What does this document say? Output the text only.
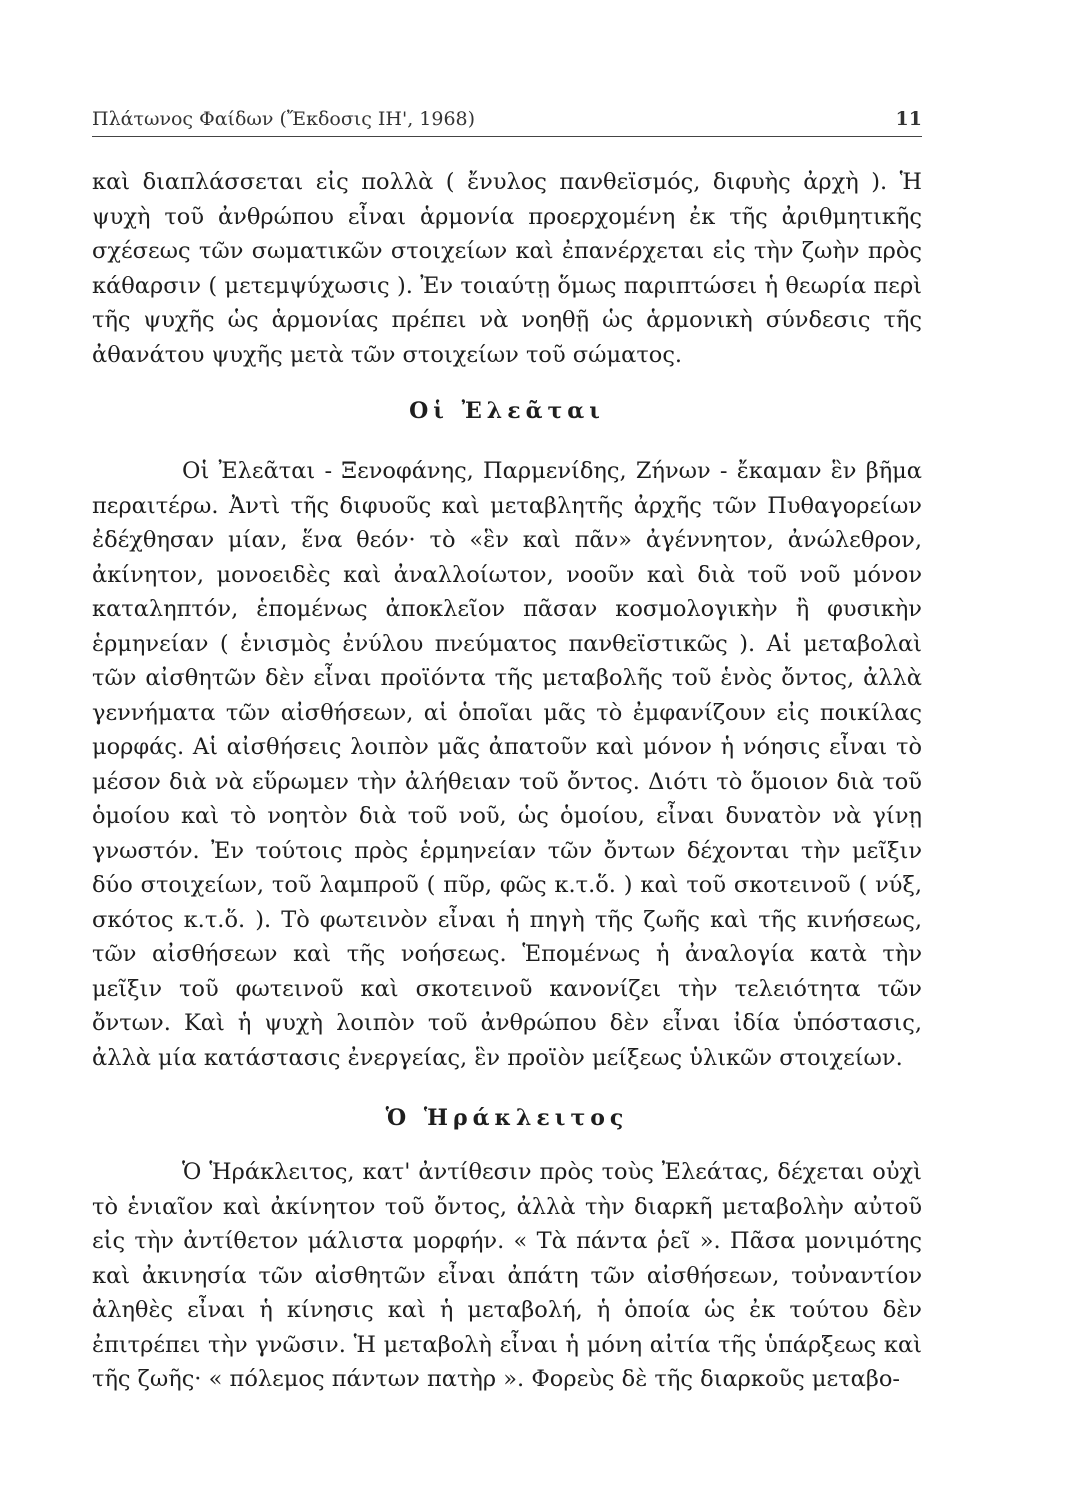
Πλάτωνος Φαίδων (Ἔκδοσις ΙΗ', 1968)	11

καὶ διαπλάσσεται εἰς πολλὰ ( ἔνυλος πανθεϊσμός, διφυὴς ἀρχὴ ). Ἡ ψυχὴ τοῦ ἀνθρώπου εἶναι ἁρμονία προερχομένη ἐκ τῆς ἀριθμητικῆς σχέσεως τῶν σωματικῶν στοιχείων καὶ ἐπανέρχεται εἰς τὴν ζωὴν πρὸς κάθαρσιν ( μετεμψύχωσις ). Ἐν τοιαύτῃ ὅμως παριπτώσει ἡ θεωρία περὶ τῆς ψυχῆς ὡς ἁρμονίας πρέπει νὰ νοηθῇ ὡς ἁρμονικὴ σύνδεσις τῆς ἀθανάτου ψυχῆς μετὰ τῶν στοιχείων τοῦ σώματος.

Οἱ Ἐλεᾶται

Οἱ Ἐλεᾶται - Ξενοφάνης, Παρμενίδης, Ζήνων - ἔκαμαν ἓν βῆμα περαιτέρω. Ἀντὶ τῆς διφυοῦς καὶ μεταβλητῆς ἀρχῆς τῶν Πυθαγορείων ἐδέχθησαν μίαν, ἕνα θεόν· τὸ «ἓν καὶ πᾶν» ἀγέννητον, ἀνώλεθρον, ἀκίνητον, μονοειδὲς καὶ ἀναλλοίωτον, νοοῦν καὶ διὰ τοῦ νοῦ μόνον καταληπτόν, ἑπομένως ἀποκλεῖον πᾶσαν κοσμολογικὴν ἢ φυσικὴν ἑρμηνείαν ( ἑνισμὸς ἐνύλου πνεύματος πανθεϊστικῶς ). Αἱ μεταβολαὶ τῶν αἰσθητῶν δὲν εἶναι προϊόντα τῆς μεταβολῆς τοῦ ἑνὸς ὄντος, ἀλλὰ γεννήματα τῶν αἰσθήσεων, αἱ ὁποῖαι μᾶς τὸ ἐμφανίζουν εἰς ποικίλας μορφάς. Αἱ αἰσθήσεις λοιπὸν μᾶς ἀπατοῦν καὶ μόνον ἡ νόησις εἶναι τὸ μέσον διὰ νὰ εὕρωμεν τὴν ἀλήθειαν τοῦ ὄντος. Διότι τὸ ὅμοιον διὰ τοῦ ὁμοίου καὶ τὸ νοητὸν διὰ τοῦ νοῦ, ὡς ὁμοίου, εἶναι δυνατὸν νὰ γίνῃ γνωστόν. Ἐν τούτοις πρὸς ἑρμηνείαν τῶν ὄντων δέχονται τὴν μεῖξιν δύο στοιχείων, τοῦ λαμπροῦ ( πῦρ, φῶς κ.τ.ὅ. ) καὶ τοῦ σκοτεινοῦ ( νύξ, σκότος κ.τ.ὅ. ). Τὸ φωτεινὸν εἶναι ἡ πηγὴ τῆς ζωῆς καὶ τῆς κινήσεως, τῶν αἰσθήσεων καὶ τῆς νοήσεως. Ἑπομένως ἡ ἀναλογία κατὰ τὴν μεῖξιν τοῦ φωτεινοῦ καὶ σκοτεινοῦ κανονίζει τὴν τελειότητα τῶν ὄντων. Καὶ ἡ ψυχὴ λοιπὸν τοῦ ἀνθρώπου δὲν εἶναι ἰδία ὑπόστασις, ἀλλὰ μία κατάστασις ἐνεργείας, ἓν προϊὸν μείξεως ὑλικῶν στοιχείων.

Ὁ Ἡράκλειτος

Ὁ Ἡράκλειτος, κατ' ἀντίθεσιν πρὸς τοὺς Ἐλεάτας, δέχεται οὐχὶ τὸ ἑνιαῖον καὶ ἀκίνητον τοῦ ὄντος, ἀλλὰ τὴν διαρκῆ μεταβολὴν αὐτοῦ εἰς τὴν ἀντίθετον μάλιστα μορφήν. « Τὰ πάντα ῥεῖ ». Πᾶσα μονιμότης καὶ ἀκινησία τῶν αἰσθητῶν εἶναι ἀπάτη τῶν αἰσθήσεων, τοὐναντίον ἀληθὲς εἶναι ἡ κίνησις καὶ ἡ μεταβολή, ἡ ὁποία ὡς ἐκ τούτου δὲν ἐπιτρέπει τὴν γνῶσιν. Ἡ μεταβολὴ εἶναι ἡ μόνη αἰτία τῆς ὑπάρξεως καὶ τῆς ζωῆς· « πόλεμος πάντων πατὴρ ». Φορεὺς δὲ τῆς διαρκοῦς μεταβο-
